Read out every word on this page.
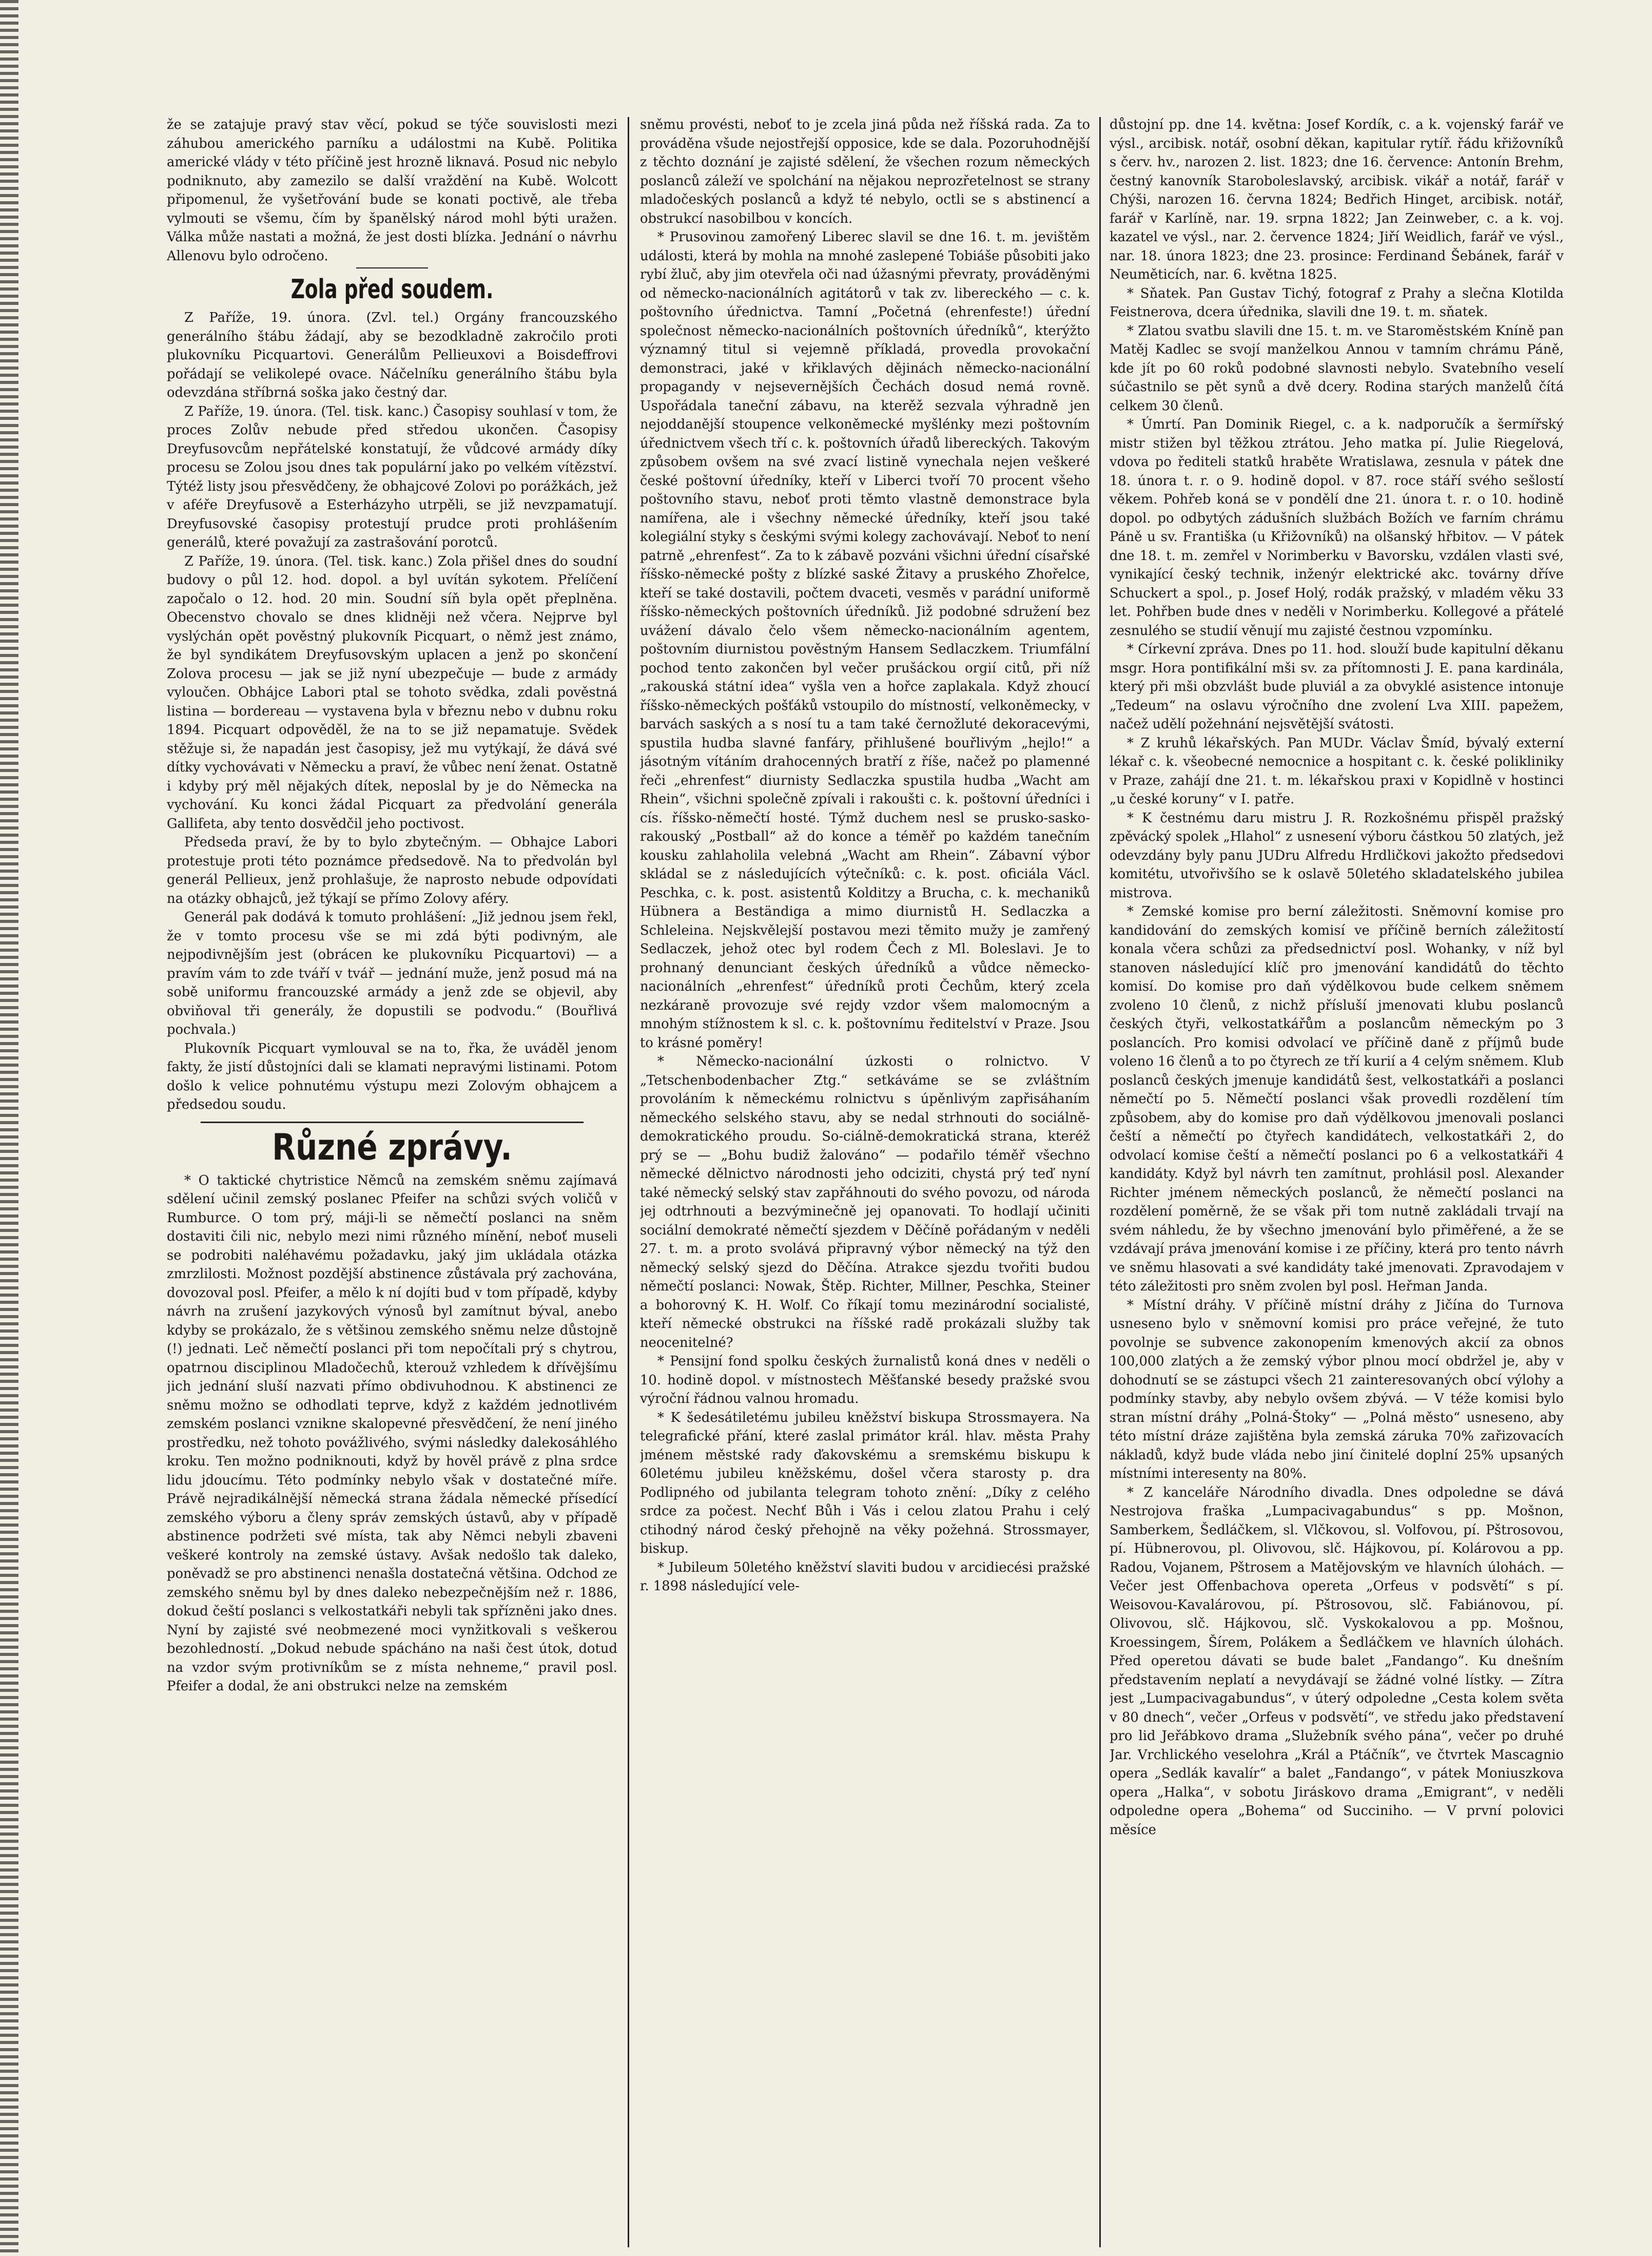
že se zatajuje pravý stav věcí, pokud se týče souvislosti mezi záhubou amerického parníku a událostmi na Kubě. Politika americké vlády v této příčině jest hrozně liknavá. Posud nic nebylo podniknuto, aby zamezilo se další vraždění na Kubě. Wolcott připomenul, že vyšetřování bude se konati poctivě, ale třeba vylmouti se všemu, čím by španělský národ mohl býti uražen. Válka může nastati a možná, že jest dosti blízka. Jednání o návrhu Allenovu bylo odročeno.

Zola před soudem.

Z Paříže, 19. února. (Zvl. tel.) Orgány francouzského generálního štábu žádají, aby se bezodkladně zakročilo proti plukovníku Picquartovi. Generálům Pellieuxovi a Boisdeffrovi pořádají se velikolepé ovace. Náčelníku generálního štábu byla odevzdána stříbrná soška jako čestný dar.

Z Paříže, 19. února. (Tel. tisk. kanc.) Časopisy souhlasí v tom, že proces Zolův nebude před středou ukončen. Časopisy Dreyfusovcům nepřátelské konstatují, že vůdcové armády díky procesu se Zolou jsou dnes tak populární jako po velkém vítězství. Týtéž listy jsou přesvědčeny, že obhajcové Zolovi po porážkách, jež v aféře Dreyfusově a Esterházyho utrpěli, se již nevzpamatují. Dreyfusovské časopisy protestují prudce proti prohlášením generálů, které považují za zastrašování porotců.

Z Paříže, 19. února. (Tel. tisk. kanc.) Zola přišel dnes do soudní budovy o půl 12. hod. dopol. a byl uvítán sykotem. Přelíčení započalo o 12. hod. 20 min. Soudní síň byla opět přeplněna. Obecenstvo chovalo se dnes klidněji než včera. Nejprve byl vyslýchán opět pověstný plukovník Picquart, o němž jest známo, že byl syndikátem Dreyfusovským uplacen a jenž po skončení Zolova procesu — jak se již nyní ubezpečuje — bude z armády vyloučen. Obhájce Labori ptal se tohoto svědka, zdali pověstná listina — bordereau — vystavena byla v březnu nebo v dubnu roku 1894. Picquart odpověděl, že na to se již nepamatuje. Svědek stěžuje si, že napadán jest časopisy, jež mu vytýkají, že dává své dítky vychovávati v Německu a praví, že vůbec není ženat. Ostatně i kdyby prý měl nějakých dítek, neposlal by je do Německa na vychování. Ku konci žádal Picquart za předvolání generála Gallifeta, aby tento dosvědčil jeho poctivost.

Předseda praví, že by to bylo zbytečným. — Obhajce Labori protestuje proti této poznámce předsedově. Na to předvolán byl generál Pellieux, jenž prohlašuje, že naprosto nebude odpovídati na otázky obhajců, jež týkají se přímo Zolovy aféry.

Generál pak dodává k tomuto prohlášení: „Již jednou jsem řekl, že v tomto procesu vše se mi zdá býti podivným, ale nejpodivnějším jest (obrácen ke plukovníku Picquartovi) — a pravím vám to zde tváří v tvář — jednání muže, jenž posud má na sobě uniformu francouzské armády a jenž zde se objevil, aby obviňoval tři generály, že dopustili se podvodu.“ (Bouřlivá pochvala.)

Plukovník Picquart vymlouval se na to, řka, že uváděl jenom fakty, že jistí důstojníci dali se klamati nepravými listinami. Potom došlo k velice pohnutému výstupu mezi Zolovým obhajcem a předsedou soudu.

Různé zprávy.

* O taktické chytristice Němců na zemském sněmu zajímavá sdělení učinil zemský poslanec Pfeifer na schůzi svých voličů v Rumburce. O tom prý, máji-li se němečtí poslanci na sněm dostaviti čili nic, nebylo mezi nimi různého mínění, neboť museli se podrobiti naléhavému požadavku, jaký jim ukládala otázka zmrzlilosti. Možnost pozdější abstinence zůstávala prý zachována, dovozoval posl. Pfeifer, a mělo k ní dojíti bud v tom případě, kdyby návrh na zrušení jazykových výnosů byl zamítnut býval, anebo kdyby se prokázalo, že s většinou zemského sněmu nelze důstojně (!) jednati. Leč němečtí poslanci při tom nepočítali prý s chytrou, opatrnou disciplinou Mladočechů, kterouž vzhledem k dřívějšímu jich jednání sluší nazvati přímo obdivuhodnou. K abstinenci ze sněmu možno se odhodlati teprve, když z každém jednotlivém zemském poslanci vznikne skalopevné přesvědčení, že není jiného prostředku, než tohoto povážlivého, svými následky dalekosáhlého kroku. Ten možno podniknouti, když by hověl právě z plna srdce lidu jdoucímu. Této podmínky nebylo však v dostatečné míře. Právě nejradikálnější německá strana žádala německé přísedící zemského výboru a členy správ zemských ústavů, aby v případě abstinence podržeti své místa, tak aby Němci nebyli zbaveni veškeré kontroly na zemské ústavy. Avšak nedošlo tak daleko, poněvadž se pro abstinenci nenašla dostatečná většina. Odchod ze zemského sněmu byl by dnes daleko nebezpečnějším než r. 1886, dokud čeští poslanci s velkostatkáři nebyli tak spřízněni jako dnes. Nyní by zajisté své neobmezené moci vynžitkovali s veškerou bezohledností. „Dokud nebude spácháno na naši čest útok, dotud na vzdor svým protivníkům se z místa nehneme,“ pravil posl. Pfeifer a dodal, že ani obstrukci nelze na zemském

sněmu provésti, neboť to je zcela jiná půda než říšská rada. Za to prováděna všude nejostřejší opposice, kde se dala. Pozoruhodnější z těchto doznání je zajisté sdělení, že všechen rozum německých poslanců záleží ve spolchání na nějakou neprozřetelnost se strany mladočeských poslanců a když té nebylo, octli se s abstinencí a obstrukcí nasobilbou v koncích.

* Prusovinou zamořený Liberec slavil se dne 16. t. m. jevištěm události, která by mohla na mnohé zaslepené Tobiáše působiti jako rybí žluč, aby jim otevřela oči nad úžasnými převraty, prováděnými od německo-nacionálních agitátorů v tak zv. libereckého — c. k. poštovního úřednictva. Tamní „Početná (ehrenfeste!) úřední společnost německo-nacionálních poštovních úředníků“, kterýžto významný titul si vejemně příkladá, provedla provokační demonstraci, jaké v křiklavých dějinách německo-nacionální propagandy v nejsevernějších Čechách dosud nemá rovně. Uspořádala taneční zábavu, na kterěž sezvala výhradně jen nejoddanější stoupence velkoněmecké myšlénky mezi poštovním úřednictvem všech tří c. k. poštovních úřadů libereckých. Takovým způsobem ovšem na své zvací listině vynechala nejen veškeré české poštovní úředníky, kteří v Liberci tvoří 70 procent všeho poštovního stavu, neboť proti těmto vlastně demonstrace byla namířena, ale i všechny německé úředníky, kteří jsou také kolegiální styky s českými svými kolegy zachovávají. Neboť to není patrně „ehrenfest“. Za to k zábavě pozváni všichni úřední císařské říšsko-německé pošty z blízké saské Žitavy a pruského Zhořelce, kteří se také dostavili, počtem dvaceti, vesměs v parádní uniformě říšsko-německých poštovních úředníků. Již podobné sdružení bez uvážení dávalo čelo všem německo-nacionálním agentem, poštovním diurnistou pověstným Hansem Sedlaczkem. Triumfální pochod tento zakončen byl večer prušáckou orgií citů, při níž „rakouská státní idea“ vyšla ven a hořce zaplakala. Když zhoucí říšsko-německých pošťáků vstoupilo do místností, velkoněmecky, v barvách saských a s nosí tu a tam také černožluté dekoracevými, spustila hudba slavné fanfáry, přihlušené bouřlivým „hejlo!“ a jásotným vítáním drahocenných bratří z říše, načež po plamenné řeči „ehrenfest“ diurnisty Sedlaczka spustila hudba „Wacht am Rhein“, všichni společně zpívali i rakoušti c. k. poštovní úředníci i cís. říšsko-němečtí hosté. Týmž duchem nesl se prusko-sasko-rakouský „Postball“ až do konce a téměř po každém tanečním kousku zahlaholila velebná „Wacht am Rhein“. Zábavní výbor skládal se z následujících výtečníků: c. k. post. oficiála Václ. Peschka, c. k. post. asistentů Kolditzy a Brucha, c. k. mechaniků Hübnera a Beständiga a mimo diurnistů H. Sedlaczka a Schleleina. Nejskvělejší postavou mezi těmito mužy je zamřený Sedlaczek, jehož otec byl rodem Čech z Ml. Boleslavi. Je to prohnaný denunciant českých úředníků a vůdce německo-nacionálních „ehrenfest“ úředníků proti Čechům, který zcela nezkáraně provozuje své rejdy vzdor všem malomocným a mnohým stížnostem k sl. c. k. poštovnímu ředitelství v Praze. Jsou to krásné poměry!

* Německo-nacionální úzkosti o rolnictvo. V „Tetschenbodenbacher Ztg.“ setkáváme se se zvláštním provoláním k německému rolnictvu s úpěnlivým zapřisáhaním německého selského stavu, aby se nedal strhnouti do sociálně-demokratického proudu. So-ciálně-demokratická strana, kteréž prý se — „Bohu budiž žalováno“ — podařilo téměř všechno německé dělnictvo národnosti jeho odciziti, chystá prý teď nyní také německý selský stav zapřáhnouti do svého povozu, od národa jej odtrhnouti a bezvýminečně jej opanovati. To hodlají učiniti sociální demokraté němečtí sjezdem v Děčíně pořádaným v neděli 27. t. m. a proto svolává připravný výbor německý na týž den německý selský sjezd do Děčína. Atrakce sjezdu tvořiti budou němečtí poslanci: Nowak, Štěp. Richter, Millner, Peschka, Steiner a bohorovný K. H. Wolf. Co říkají tomu mezinárodní socialisté, kteří německé obstrukci na říšské radě prokázali služby tak neocenitelné?

* Pensijní fond spolku českých žurnalistů koná dnes v neděli o 10. hodině dopol. v místnostech Měšťanské besedy pražské svou výroční řádnou valnou hromadu.

* K šedesátiletému jubileu kněžství biskupa Strossmayera. Na telegrafické přání, které zaslal primátor král. hlav. města Prahy jménem městské rady ďakovskému a sremskému biskupu k 60letému jubileu kněžskému, došel včera starosty p. dra Podlipného od jubilanta telegram tohoto znění: „Díky z celého srdce za počest. Nechť Bůh i Vás i celou zlatou Prahu i celý ctihodný národ český přehojně na věky požehná. Strossmayer, biskup.

* Jubileum 50letého kněžství slaviti budou v arcidiecési pražské r. 1898 následující vele-

důstojní pp. dne 14. května: Josef Kordík, c. a k. vojenský farář ve výsl., arcibisk. notář, osobní děkan, kapitular rytíř. řádu křižovníků s červ. hv., narozen 2. list. 1823; dne 16. července: Antonín Brehm, čestný kanovník Staroboleslavský, arcibisk. vikář a notář, farář v Chýši, narozen 16. června 1824; Bedřich Hinget, arcibisk. notář, farář v Karlíně, nar. 19. srpna 1822; Jan Zeinweber, c. a k. voj. kazatel ve výsl., nar. 2. července 1824; Jiří Weidlich, farář ve výsl., nar. 18. února 1823; dne 23. prosince: Ferdinand Šebánek, farář v Neuměticích, nar. 6. května 1825.

* Sňatek. Pan Gustav Tichý, fotograf z Prahy a slečna Klotilda Feistnerova, dcera úřednika, slavili dne 19. t. m. sňatek.

* Zlatou svatbu slavili dne 15. t. m. ve Staroměstském Kníně pan Matěj Kadlec se svojí manželkou Annou v tamním chrámu Páně, kde jít po 60 roků podobné slavnosti nebylo. Svatebního veselí súčastnilo se pět synů a dvě dcery. Rodina starých manželů čítá celkem 30 členů.

* Úmrtí. Pan Dominik Riegel, c. a k. nadporučík a šermířský mistr stižen byl těžkou ztrátou. Jeho matka pí. Julie Riegelová, vdova po řediteli statků hraběte Wratislawa, zesnula v pátek dne 18. února t. r. o 9. hodině dopol. v 87. roce stáří svého sešlostí věkem. Pohřeb koná se v pondělí dne 21. února t. r. o 10. hodině dopol. po odbytých zádušních službách Božích ve farním chrámu Páně u sv. Františka (u Křižovníků) na olšanský hřbitov. — V pátek dne 18. t. m. zemřel v Norimberku v Bavorsku, vzdálen vlasti své, vynikající český technik, inženýr elektrické akc. továrny dříve Schuckert a spol., p. Josef Holý, rodák pražský, v mladém věku 33 let. Pohřben bude dnes v neděli v Norimberku. Kollegové a přátelé zesnulého se studií věnují mu zajisté čestnou vzpomínku.

* Církevní zpráva. Dnes po 11. hod. slouží bude kapitulní děkanu msgr. Hora pontifikální mši sv. za přítomnosti J. E. pana kardinála, který při mši obzvlášt bude pluviál a za obvyklé asistence intonuje „Tedeum“ na oslavu výročního dne zvolení Lva XIII. papežem, načež udělí požehnání nejsvětější svátosti.

* Z kruhů lékařských. Pan MUDr. Václav Šmíd, bývalý externí lékař c. k. všeobecné nemocnice a hospitant c. k. české polikliniky v Praze, zahájí dne 21. t. m. lékařskou praxi v Kopidlně v hostinci „u české koruny“ v I. patře.

* K čestnému daru mistru J. R. Rozkošnému přispěl pražský zpěvácký spolek „Hlahol“ z usnesení výboru částkou 50 zlatých, jež odevzdány byly panu JUDru Alfredu Hrdličkovi jakožto předsedovi komitétu, utvořivšího se k oslavě 50letého skladatelského jubilea mistrova.

* Zemské komise pro berní záležitosti. Sněmovní komise pro kandidování do zemských komisí ve příčině berních záležitostí konala včera schůzi za předsednictví posl. Wohanky, v níž byl stanoven následující klíč pro jmenování kandidátů do těchto komisí. Do komise pro daň výdělkovou bude celkem sněmem zvoleno 10 členů, z nichž přísluší jmenovati klubu poslanců českých čtyři, velkostatkářům a poslancům německým po 3 poslancích. Pro komisi odvolací ve příčině daně z příjmů bude voleno 16 členů a to po čtyrech ze tří kurií a 4 celým sněmem. Klub poslanců českých jmenuje kandidátů šest, velkostatkáři a poslanci němečtí po 5. Němečtí poslanci však provedli rozdělení tím způsobem, aby do komise pro daň výdělkovou jmenovali poslanci čeští a němečtí po čtyřech kandidátech, velkostatkáři 2, do odvolací komise čeští a němečtí poslanci po 6 a velkostatkáři 4 kandidáty. Když byl návrh ten zamítnut, prohlásil posl. Alexander Richter jménem německých poslanců, že němečtí poslanci na rozdělení poměrně, že se však při tom nutně zakládali trvají na svém náhledu, že by všechno jmenování bylo přiměřené, a že se vzdávají práva jmenování komise i ze příčiny, která pro tento návrh ve sněmu hlasovati a své kandidáty také jmenovati. Zpravodajem v této záležitosti pro sněm zvolen byl posl. Heřman Janda.

* Místní dráhy. V příčině místní dráhy z Jičína do Turnova usneseno bylo v sněmovní komisi pro práce veřejné, že tuto povolnje se subvence zakonopením kmenových akcií za obnos 100,000 zlatých a že zemský výbor plnou mocí obdržel je, aby v dohodnutí se se zástupci všech 21 zainteresovaných obcí výlohy a podmínky stavby, aby nebylo ovšem zbývá. — V téže komisi bylo stran místní dráhy „Polná-Štoky“ — „Polná město“ usneseno, aby této místní dráze zajištěna byla zemská záruka 70% zařizovacích nákladů, když bude vláda nebo jiní činitelé doplní 25% upsaných místními interesenty na 80%.

* Z kanceláře Národního divadla. Dnes odpoledne se dává Nestrojova fraška „Lumpacivagabundus“ s pp. Mošnon, Samberkem, Šedláčkem, sl. Vlčkovou, sl. Volfovou, pí. Pštrosovou, pí. Hübnerovou, pl. Olivovou, slč. Hájkovou, pí. Kolárovou a pp. Radou, Vojanem, Pštrosem a Matějovským ve hlavních úlohách. — Večer jest Offenbachova opereta „Orfeus v podsvětí“ s pí. Weisovou-Kavalárovou, pí. Pštrosovou, slč. Fabiánovou, pí. Olivovou, slč. Hájkovou, slč. Vyskokalovou a pp. Mošnou, Kroessingem, Šírem, Polákem a Šedláčkem ve hlavních úlohách. Před operetou dávati se bude balet „Fandango“. Ku dnešním představením neplatí a nevydávají se žádné volné lístky. — Zítra jest „Lumpacivagabundus“, v úterý odpoledne „Cesta kolem světa v 80 dnech“, večer „Orfeus v podsvětí“, ve středu jako představení pro lid Jeřábkovo drama „Služebník svého pána“, večer po druhé Jar. Vrchlického veselohra „Král a Ptáčník“, ve čtvrtek Mascagnio opera „Sedlák kavalír“ a balet „Fandango“, v pátek Moniuszkova opera „Halka“, v sobotu Jiráskovo drama „Emigrant“, v neděli odpoledne opera „Bohema“ od Succiniho. — V první polovici měsíce
